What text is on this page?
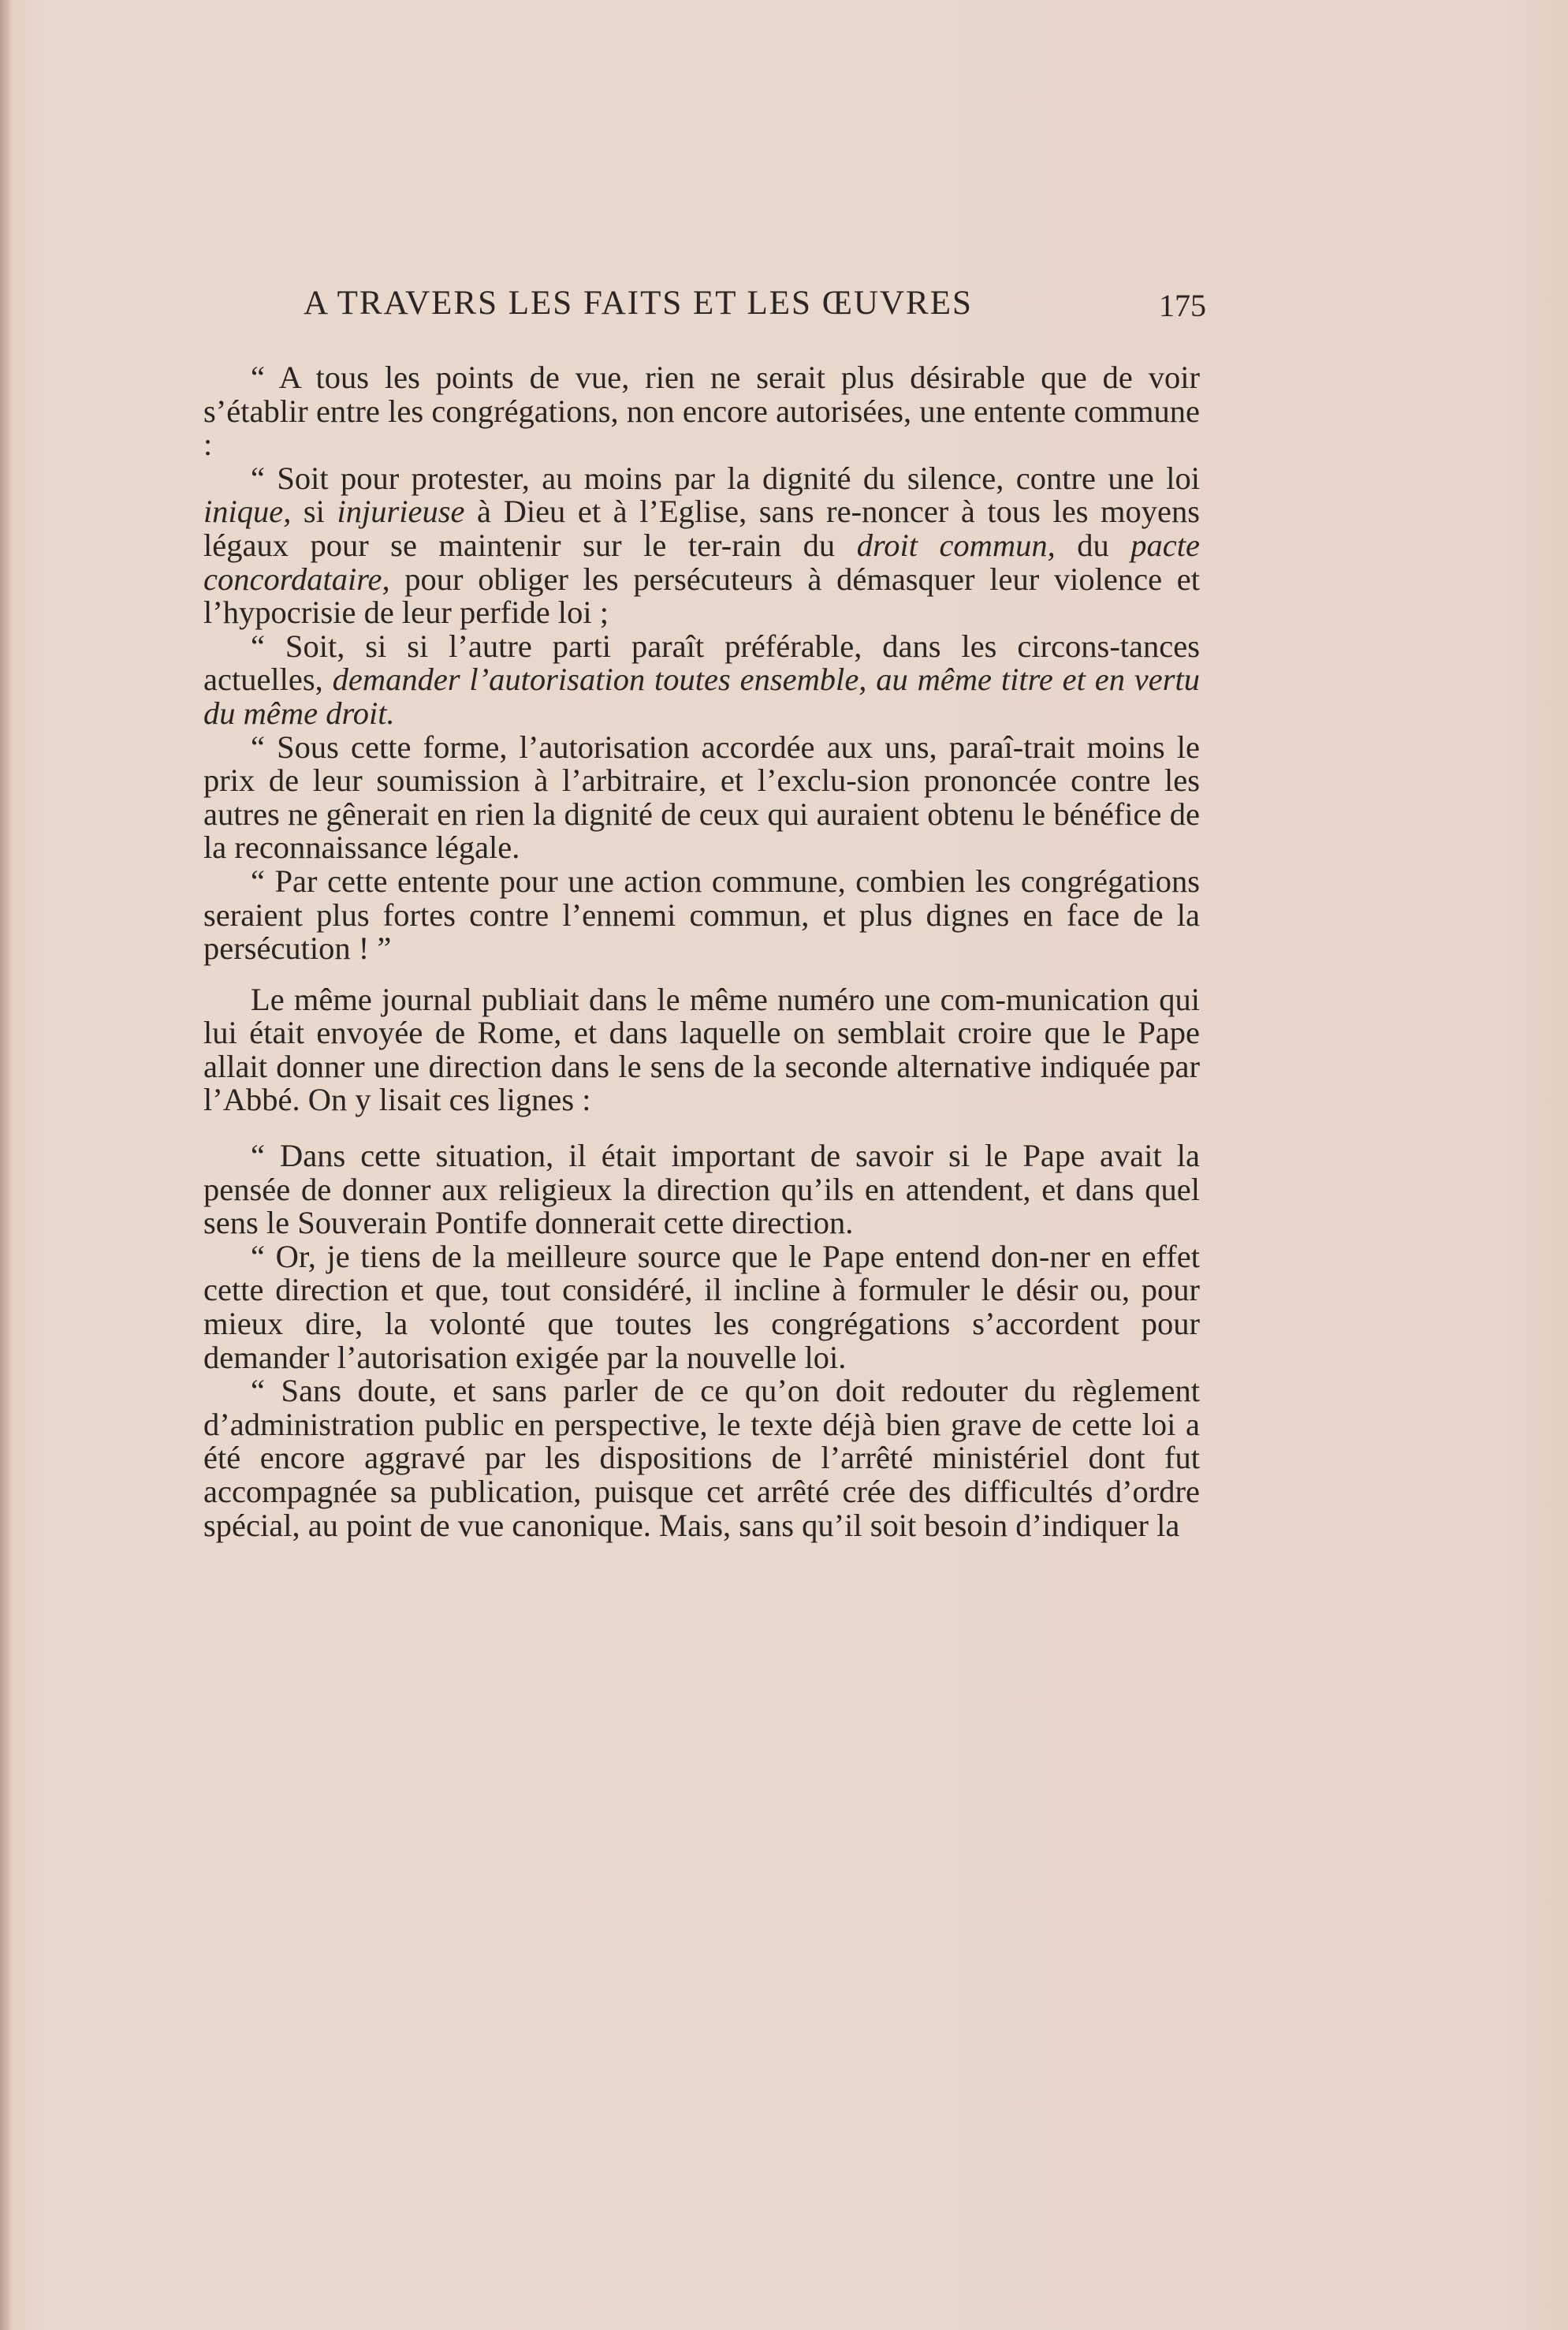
A TRAVERS LES FAITS ET LES ŒUVRES	175

“ A tous les points de vue, rien ne serait plus désirable que de voir s’établir entre les congrégations, non encore autorisées, une entente commune :

“ Soit pour protester, au moins par la dignité du silence, contre une loi inique, si injurieuse à Dieu et à l’Eglise, sans re-noncer à tous les moyens légaux pour se maintenir sur le ter-rain du droit commun, du pacte concordataire, pour obliger les persécuteurs à démasquer leur violence et l’hypocrisie de leur perfide loi ;

“ Soit, si si l’autre parti paraît préférable, dans les circons-tances actuelles, demander l’autorisation toutes ensemble, au même titre et en vertu du même droit.

“ Sous cette forme, l’autorisation accordée aux uns, paraî-trait moins le prix de leur soumission à l’arbitraire, et l’exclu-sion prononcée contre les autres ne gênerait en rien la dignité de ceux qui auraient obtenu le bénéfice de la reconnaissance légale.

“ Par cette entente pour une action commune, combien les congrégations seraient plus fortes contre l’ennemi commun, et plus dignes en face de la persécution ! ”

Le même journal publiait dans le même numéro une com-munication qui lui était envoyée de Rome, et dans laquelle on semblait croire que le Pape allait donner une direction dans le sens de la seconde alternative indiquée par l’Abbé. On y lisait ces lignes :

“ Dans cette situation, il était important de savoir si le Pape avait la pensée de donner aux religieux la direction qu’ils en attendent, et dans quel sens le Souverain Pontife donnerait cette direction.

“ Or, je tiens de la meilleure source que le Pape entend don-ner en effet cette direction et que, tout considéré, il incline à formuler le désir ou, pour mieux dire, la volonté que toutes les congrégations s’accordent pour demander l’autorisation exigée par la nouvelle loi.

“ Sans doute, et sans parler de ce qu’on doit redouter du règlement d’administration public en perspective, le texte déjà bien grave de cette loi a été encore aggravé par les dispositions de l’arrêté ministériel dont fut accompagnée sa publication, puisque cet arrêté crée des difficultés d’ordre spécial, au point de vue canonique. Mais, sans qu’il soit besoin d’indiquer la
